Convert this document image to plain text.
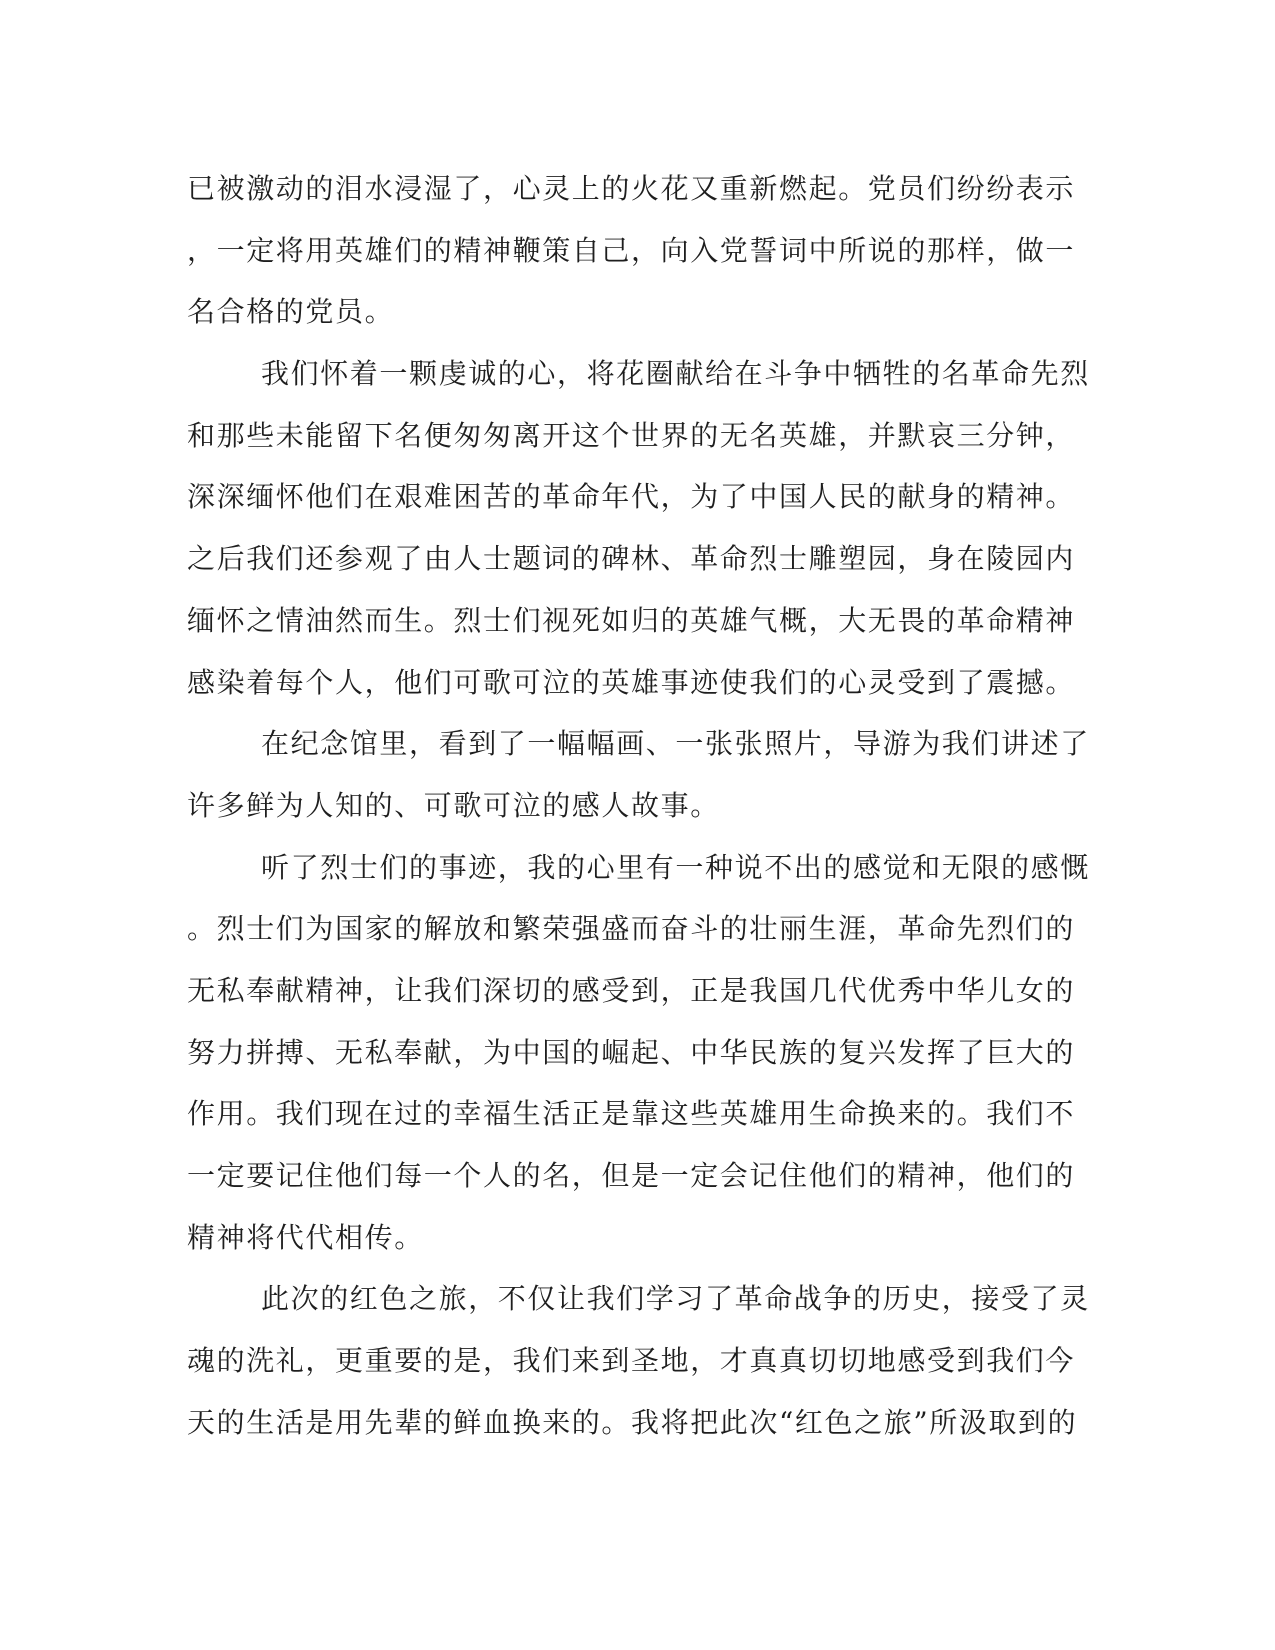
已被激动的泪水浸湿了，心灵上的火花又重新燃起。党员们纷纷表示
，一定将用英雄们的精神鞭策自己，向入党誓词中所说的那样，做一
名合格的党员。
我们怀着一颗虔诚的心，将花圈献给在斗争中牺牲的名革命先烈
和那些未能留下名便匆匆离开这个世界的无名英雄，并默哀三分钟，
深深缅怀他们在艰难困苦的革命年代，为了中国人民的献身的精神。
之后我们还参观了由人士题词的碑林、革命烈士雕塑园，身在陵园内
缅怀之情油然而生。烈士们视死如归的英雄气概，大无畏的革命精神
感染着每个人，他们可歌可泣的英雄事迹使我们的心灵受到了震撼。
在纪念馆里，看到了一幅幅画、一张张照片，导游为我们讲述了
许多鲜为人知的、可歌可泣的感人故事。
听了烈士们的事迹，我的心里有一种说不出的感觉和无限的感慨
。烈士们为国家的解放和繁荣强盛而奋斗的壮丽生涯，革命先烈们的
无私奉献精神，让我们深切的感受到，正是我国几代优秀中华儿女的
努力拼搏、无私奉献，为中国的崛起、中华民族的复兴发挥了巨大的
作用。我们现在过的幸福生活正是靠这些英雄用生命换来的。我们不
一定要记住他们每一个人的名，但是一定会记住他们的精神，他们的
精神将代代相传。
此次的红色之旅，不仅让我们学习了革命战争的历史，接受了灵
魂的洗礼，更重要的是，我们来到圣地，才真真切切地感受到我们今
天的生活是用先辈的鲜血换来的。我将把此次“红色之旅”所汲取到的
